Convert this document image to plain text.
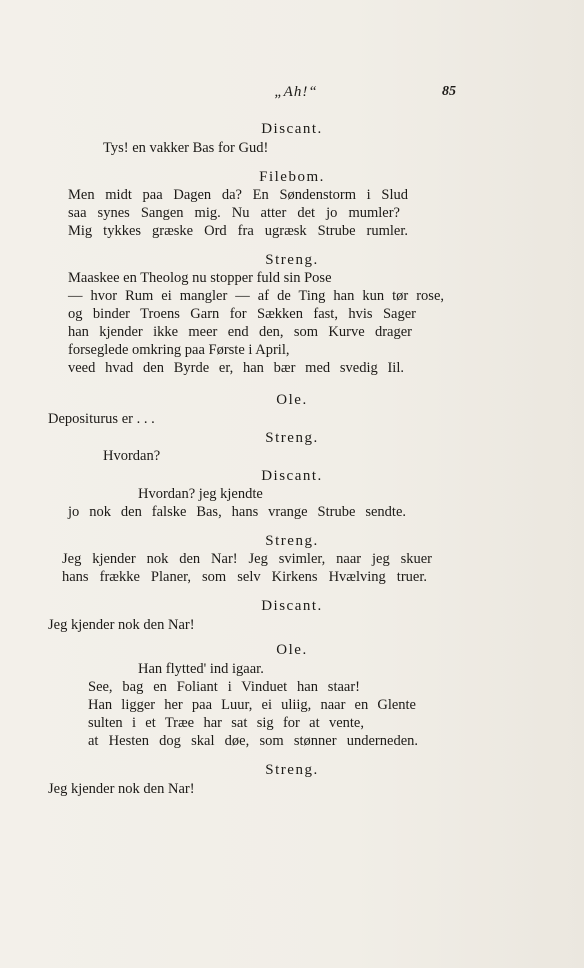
„Ah!“	85
Discant.
Tys! en vakker Bas for Gud!
Filebom.
Men midt paa Dagen da? En Søndenstorm i Slud
saa synes Sangen mig. Nu atter det jo mumler?
Mig tykkes græske Ord fra ugræsk Strube rumler.
Streng.
Maaskee en Theolog nu stopper fuld sin Pose
— hvor Rum ei mangler — af de Ting han kun tør rose,
og binder Troens Garn for Sækken fast, hvis Sager
han kjender ikke meer end den, som Kurve drager
forseglede omkring paa Første i April,
veed hvad den Byrde er, han bær med svedig Iil.
Ole.
Depositurus er . . .
Streng.
Hvordan?
Discant.
Hvordan? jeg kjendte
jo nok den falske Bas, hans vrange Strube sendte.
Streng.
Jeg kjender nok den Nar! Jeg svimler, naar jeg skuer
hans frække Planer, som selv Kirkens Hvælving truer.
Discant.
Jeg kjender nok den Nar!
Ole.
Han flytted' ind igaar.
See, bag en Foliant i Vinduet han staar!
Han ligger her paa Luur, ei uliig, naar en Glente
sulten i et Træe har sat sig for at vente,
at Hesten dog skal døe, som stønner underneden.
Streng.
Jeg kjender nok den Nar!
